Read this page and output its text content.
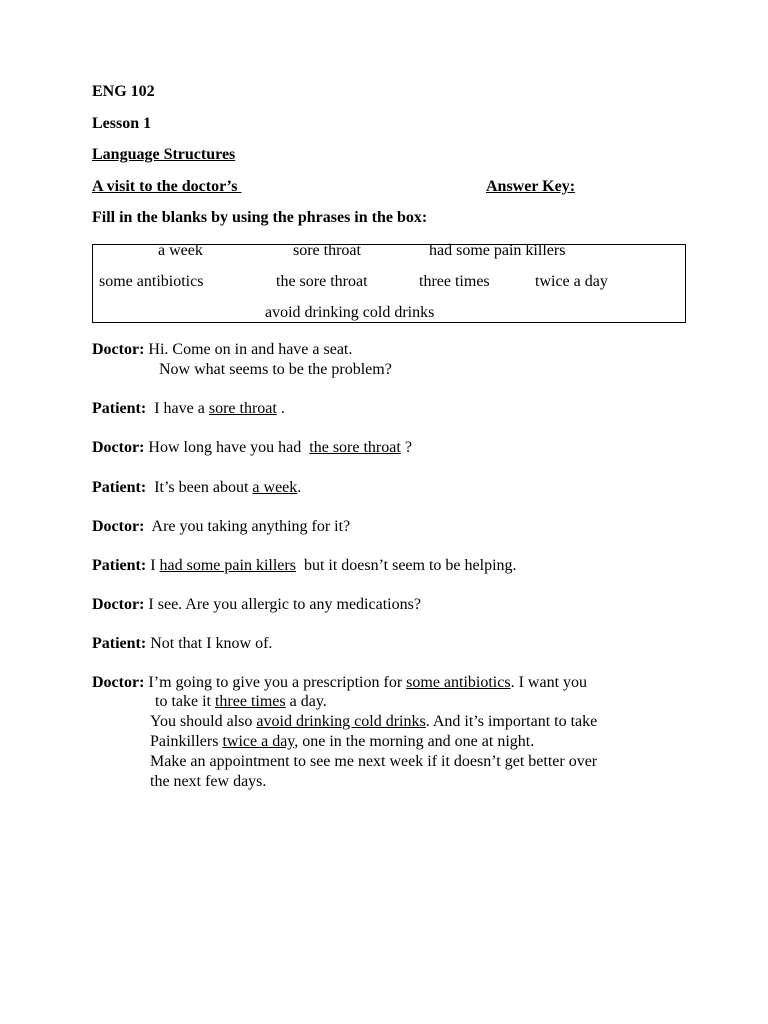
ENG 102
Lesson 1
Language Structures
A visit to the doctor’s	Answer Key:
Fill in the blanks by using the phrases in the box:
a week	sore throat	had some pain killers
some antibiotics	the sore throat	three times	twice a day
avoid drinking cold drinks
Doctor: Hi. Come on in and have a seat.
Now what seems to be the problem?
Patient:  I have a sore throat .
Doctor: How long have you had  the sore throat ?
Patient:  It’s been about a week.
Doctor:  Are you taking anything for it?
Patient: I had some pain killers  but it doesn’t seem to be helping.
Doctor: I see. Are you allergic to any medications?
Patient: Not that I know of.
Doctor: I’m going to give you a prescription for some antibiotics. I want you
to take it three times a day.
You should also avoid drinking cold drinks. And it’s important to take
Painkillers twice a day, one in the morning and one at night.
Make an appointment to see me next week if it doesn’t get better over
the next few days.
